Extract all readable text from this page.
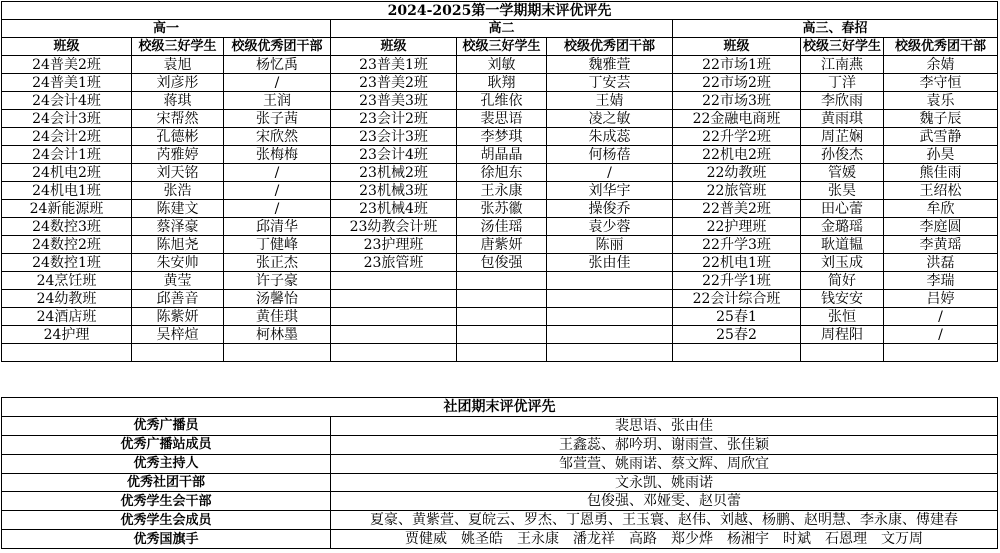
2024-2025第一学期期末评优评先								
高一			高二			高三、春招		
班级	校级三好学生	校级优秀团干部	班级	校级三好学生	校级优秀团干部	班级	校级三好学生	校级优秀团干部
24普美2班	袁旭	杨忆禹	23普美1班	刘敏	魏雅萱	22市场1班	江南燕	余婧
24普美1班	刘彦彤	/	23普美2班	耿翔	丁安芸	22市场2班	丁洋	李守恒
24会计4班	蒋琪	王润	23普美3班	孔维依	王婧	22市场3班	李欣雨	袁乐
24会计3班	宋帮然	张子茜	23会计2班	裴思语	凌之敏	22金融电商班	黄雨琪	魏子辰
24会计2班	孔德彬	宋欣然	23会计3班	李梦琪	朱成蕊	22升学2班	周芷娴	武雪静
24会计1班	芮雅婷	张梅梅	23会计4班	胡晶晶	何杨蓓	22机电2班	孙俊杰	孙昊
24机电2班	刘天铭	/	23机械2班	徐旭东	/	22幼教班	管媛	熊佳雨
24机电1班	张浩	/	23机械3班	王永康	刘华宇	22旅管班	张昊	王绍松
24新能源班	陈建文	/	23机械4班	张苏徽	操俊乔	22普美2班	田心蕾	牟欣
24数控3班	蔡泽豪	邱清华	23幼教会计班	汤佳瑶	袁少蓉	22护理班	金璐瑶	李庭圆
24数控2班	陈旭尧	丁健峰	23护理班	唐紫妍	陈丽	22升学3班	耿道韫	李黄瑶
24数控1班	朱安帅	张正杰	23旅管班	包俊强	张由佳	22机电1班	刘玉成	洪磊
24烹饪班	黄莹	许子豪				22升学1班	简好	李瑞
24幼教班	邱善音	汤馨怡				22会计综合班	钱安安	吕婷
24酒店班	陈紫妍	黄佳琪				25春1	张恒	/
24护理	吴梓煊	柯林墨				25春2	周程阳	/

社团期末评优评先	
优秀广播员	裴思语、张由佳
优秀广播站成员	王鑫蕊、郝吟玥、谢雨萱、张佳颖
优秀主持人	邹萱萱、姚雨诺、蔡文辉、周欣宜
优秀社团干部	文永凯、姚雨诺
优秀学生会干部	包俊强、邓娅雯、赵贝蕾
优秀学生会成员	夏豪、黄紫萱、夏皖云、罗杰、丁恩勇、王玉寰、赵伟、刘越、杨鹏、赵明慧、李永康、傅建春
优秀国旗手	贾健威　姚圣皓　王永康　潘龙祥　高路　郑少烨　杨湘宇　时斌　石恩理　文万周
